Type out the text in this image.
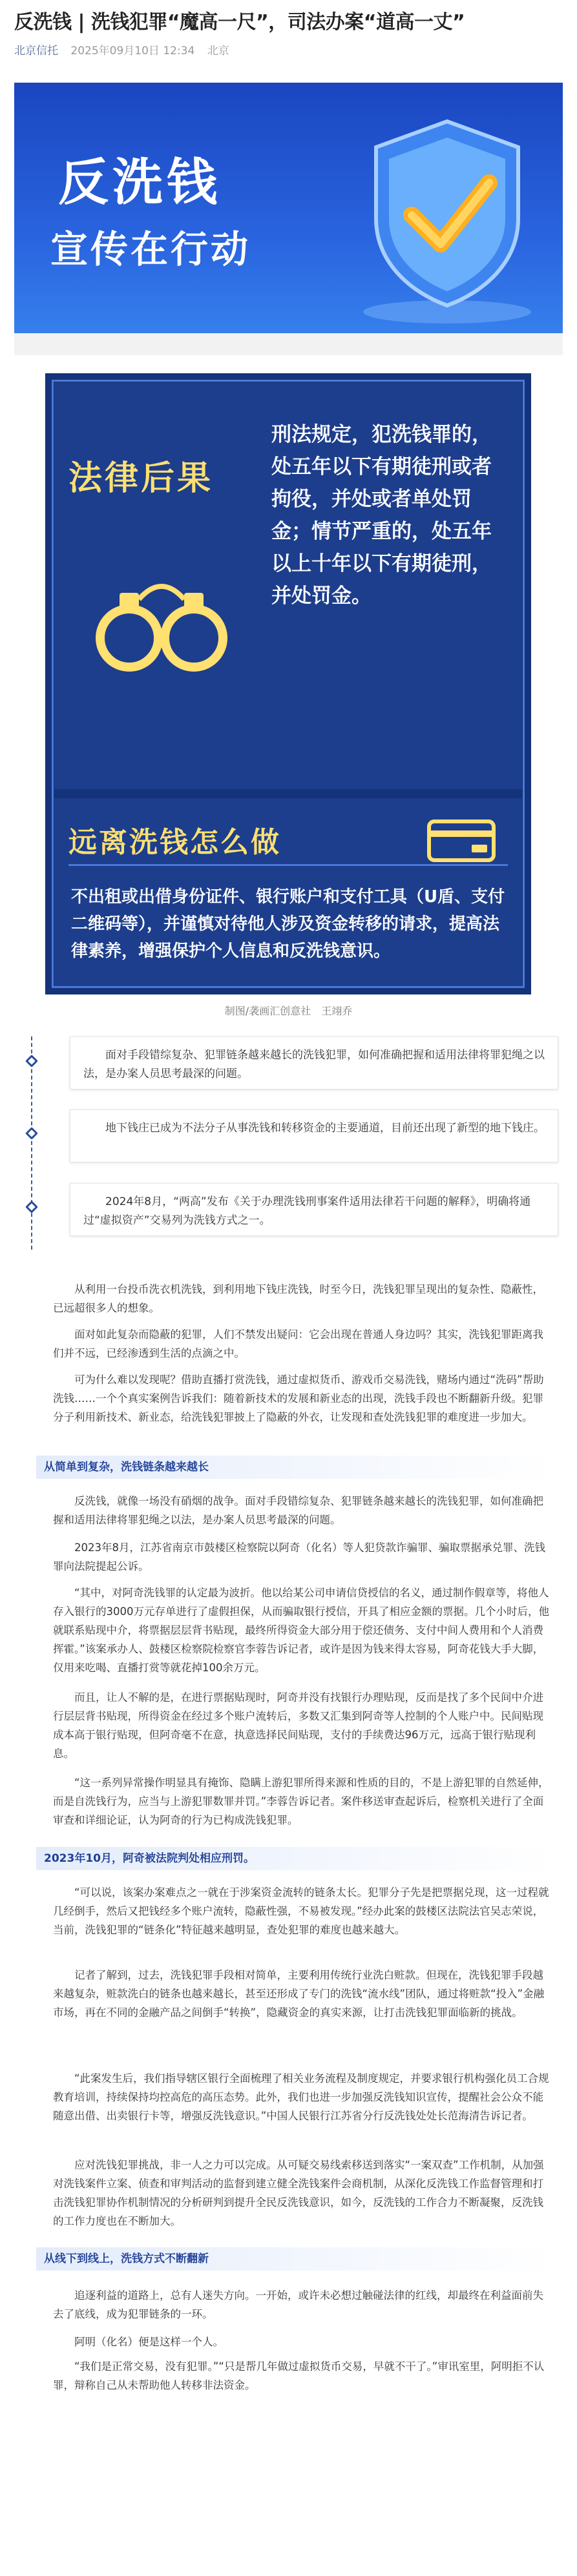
反洗钱 | 洗钱犯罪“魔高一尺”，司法办案“道高一丈”
北京信托 2025年09月10日 12:34 北京
反洗钱
宣传在行动
法律后果
刑法规定，犯洗钱罪的，处五年以下有期徒刑或者拘役，并处或者单处罚金；情节严重的，处五年以上十年以下有期徒刑，并处罚金。
远离洗钱怎么做
不出租或出借身份证件、银行账户和支付工具（U盾、支付二维码等），并谨慎对待他人涉及资金转移的请求，提高法律素养，增强保护个人信息和反洗钱意识。
制图/袭画汇创意社　王翊乔
面对手段错综复杂、犯罪链条越来越长的洗钱犯罪，如何准确把握和适用法律将罪犯绳之以法，是办案人员思考最深的问题。
地下钱庄已成为不法分子从事洗钱和转移资金的主要通道，目前还出现了新型的地下钱庄。
2024年8月，“两高”发布《关于办理洗钱刑事案件适用法律若干问题的解释》，明确将通过“虚拟资产”交易列为洗钱方式之一。

从利用一台投币洗衣机洗钱，到利用地下钱庄洗钱，时至今日，洗钱犯罪呈现出的复杂性、隐蔽性，已远超很多人的想象。

面对如此复杂而隐蔽的犯罪，人们不禁发出疑问：它会出现在普通人身边吗？其实，洗钱犯罪距离我们并不远，已经渗透到生活的点滴之中。

可为什么难以发现呢？借助直播打赏洗钱，通过虚拟货币、游戏币交易洗钱，赌场内通过“洗码”帮助洗钱……一个个真实案例告诉我们：随着新技术的发展和新业态的出现，洗钱手段也不断翻新升级。犯罪分子利用新技术、新业态，给洗钱犯罪披上了隐蔽的外衣，让发现和查处洗钱犯罪的难度进一步加大。

从简单到复杂，洗钱链条越来越长

反洗钱，就像一场没有硝烟的战争。面对手段错综复杂、犯罪链条越来越长的洗钱犯罪，如何准确把握和适用法律将罪犯绳之以法，是办案人员思考最深的问题。

2023年8月，江苏省南京市鼓楼区检察院以阿奇（化名）等人犯贷款诈骗罪、骗取票据承兑罪、洗钱罪向法院提起公诉。

“其中，对阿奇洗钱罪的认定最为波折。他以给某公司申请信贷授信的名义，通过制作假章等，将他人存入银行的3000万元存单进行了虚假担保，从而骗取银行授信，开具了相应金额的票据。几个小时后，他就联系贴现中介，将票据层层背书贴现，最终所得资金大部分用于偿还债务、支付中间人费用和个人消费挥霍。”该案承办人、鼓楼区检察院检察官李蓉告诉记者，或许是因为钱来得太容易，阿奇花钱大手大脚，仅用来吃喝、直播打赏等就花掉100余万元。

而且，让人不解的是，在进行票据贴现时，阿奇并没有找银行办理贴现，反而是找了多个民间中介进行层层背书贴现，所得资金在经过多个账户流转后，多数又汇集到阿奇等人控制的个人账户中。民间贴现成本高于银行贴现，但阿奇毫不在意，执意选择民间贴现，支付的手续费达96万元，远高于银行贴现利息。

“这一系列异常操作明显具有掩饰、隐瞒上游犯罪所得来源和性质的目的，不是上游犯罪的自然延伸，而是自洗钱行为，应当与上游犯罪数罪并罚。”李蓉告诉记者。案件移送审查起诉后，检察机关进行了全面审查和详细论证，认为阿奇的行为已构成洗钱犯罪。

2023年10月，阿奇被法院判处相应刑罚。

“可以说，该案办案难点之一就在于涉案资金流转的链条太长。犯罪分子先是把票据兑现，这一过程就几经倒手，然后又把钱经多个账户流转，隐蔽性强，不易被发现。”经办此案的鼓楼区法院法官吴志荣说，当前，洗钱犯罪的“链条化”特征越来越明显，查处犯罪的难度也越来越大。

记者了解到，过去，洗钱犯罪手段相对简单，主要利用传统行业洗白赃款。但现在，洗钱犯罪手段越来越复杂，赃款洗白的链条也越来越长，甚至还形成了专门的洗钱“流水线”团队，通过将赃款“投入”金融市场，再在不同的金融产品之间倒手“转换”，隐藏资金的真实来源，让打击洗钱犯罪面临新的挑战。

“此案发生后，我们指导辖区银行全面梳理了相关业务流程及制度规定，并要求银行机构强化员工合规教育培训，持续保持均控高危的高压态势。此外，我们也进一步加强反洗钱知识宣传，提醒社会公众不能随意出借、出卖银行卡等，增强反洗钱意识。”中国人民银行江苏省分行反洗钱处处长范海清告诉记者。

应对洗钱犯罪挑战，非一人之力可以完成。从可疑交易线索移送到落实“一案双查”工作机制，从加强对洗钱案件立案、侦查和审判活动的监督到建立健全洗钱案件会商机制，从深化反洗钱工作监督管理和打击洗钱犯罪协作机制情况的分析研判到提升全民反洗钱意识，如今，反洗钱的工作合力不断凝聚，反洗钱的工作力度也在不断加大。

从线下到线上，洗钱方式不断翻新

追逐利益的道路上，总有人迷失方向。一开始，或许未必想过触碰法律的红线，却最终在利益面前失去了底线，成为犯罪链条的一环。

阿明（化名）便是这样一个人。

“我们是正常交易，没有犯罪。”“只是帮几年做过虚拟货币交易，早就不干了。”审讯室里，阿明拒不认罪，辩称自己从未帮助他人转移非法资金。
